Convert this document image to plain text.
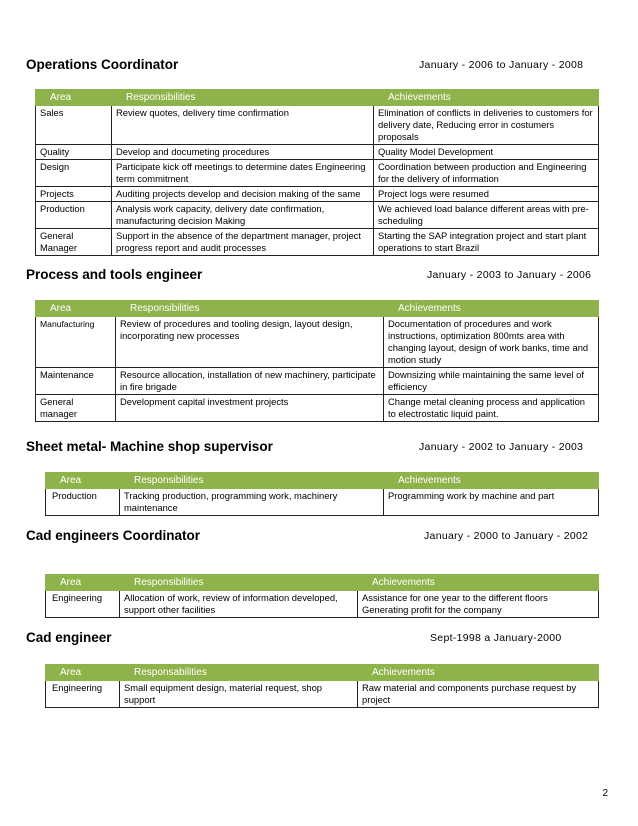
Operations Coordinator	January - 2006 to January - 2008
Area	Responsibilities	Achievements
Sales	Review quotes, delivery time confirmation	Elimination of conflicts in deliveries to customers for delivery date, Reducing error in costumers proposals
Quality	Develop and documeting procedures	Quality Model Development
Design	Participate kick off meetings to determine dates Engineering term commitment	Coordination between production and Engineering for the delivery of information
Projects	Auditing projects develop and decision making of the same	Project logs were resumed
Production	Analysis work capacity, delivery date confirmation, manufacturing decision Making	We achieved load balance different areas with pre-scheduling
General Manager	Support in the absence of the department manager, project progress report and audit processes	Starting the SAP integration project and start plant operations to start Brazil
Process and tools engineer	January - 2003 to January - 2006
Area	Responsibilities	Achievements
Manufacturing	Review of procedures and tooling design, layout design, incorporating new processes	Documentation of procedures and work instructions, optimization 800mts area with changing layout, design of work banks, time and motion study
Maintenance	Resource allocation, installation of new machinery, participate in fire brigade	Downsizing while maintaining the same level of efficiency
General manager	Development capital investment projects	Change metal cleaning process and application to electrostatic liquid paint.
Sheet metal- Machine shop supervisor	January - 2002 to January - 2003
Area	Responsibilities	Achievements
Production	Tracking production, programming work, machinery maintenance	Programming work by machine and part
Cad engineers Coordinator	January - 2000 to January - 2002
Area	Responsibilities	Achievements
Engineering	Allocation of work, review of information developed, support other facilities	Assistance for one year to the different floors Generating profit for the company
Cad engineer	Sept-1998 a January-2000
Area	Responsabilities	Achievements
Engineering	Small equipment design, material request, shop support	Raw material and components purchase request by project
2
